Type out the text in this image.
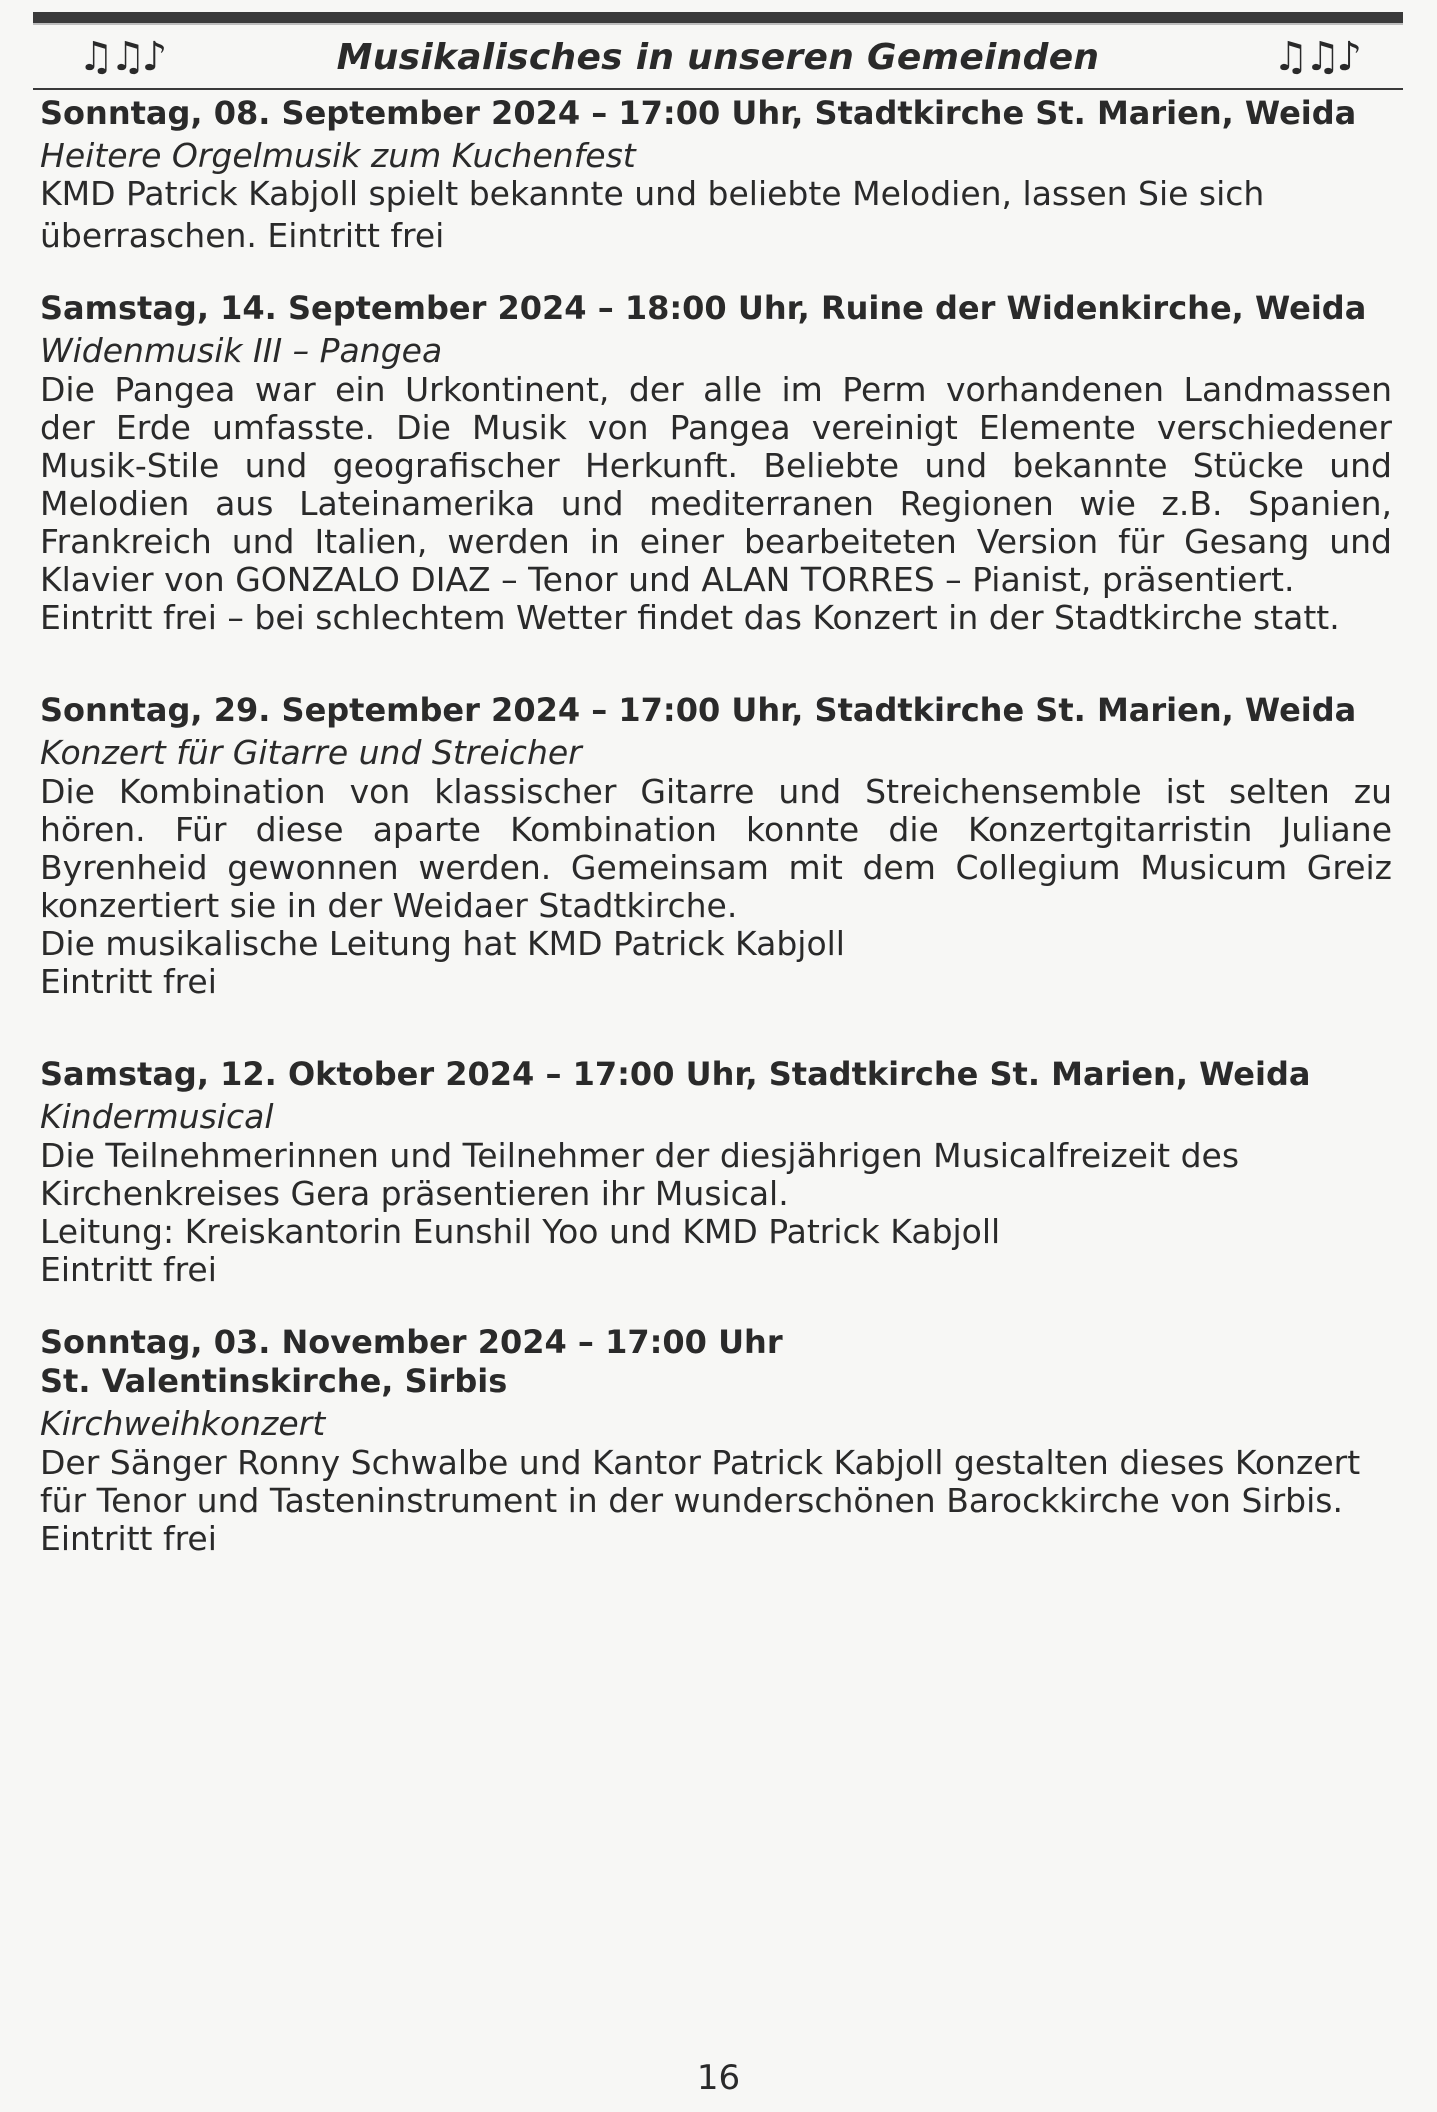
♫♫♪	Musikalisches in unseren Gemeinden	♫♫♪

Sonntag, 08. September 2024 – 17:00 Uhr, Stadtkirche St. Marien, Weida

Heitere Orgelmusik zum Kuchenfest

KMD Patrick Kabjoll spielt bekannte und beliebte Melodien, lassen Sie sich

überraschen. Eintritt frei

Samstag, 14. September 2024 – 18:00 Uhr, Ruine der Widenkirche, Weida

Widenmusik III – Pangea

Die Pangea war ein Urkontinent, der alle im Perm vorhandenen Landmassen

der Erde umfasste. Die Musik von Pangea vereinigt Elemente verschiedener

Musik-Stile und geografischer Herkunft. Beliebte und bekannte Stücke und

Melodien aus Lateinamerika und mediterranen Regionen wie z.B. Spanien,

Frankreich und Italien, werden in einer bearbeiteten Version für Gesang und

Klavier von GONZALO DIAZ – Tenor und ALAN TORRES – Pianist, präsentiert.

Eintritt frei – bei schlechtem Wetter findet das Konzert in der Stadtkirche statt.

Sonntag, 29. September 2024 – 17:00 Uhr, Stadtkirche St. Marien, Weida

Konzert für Gitarre und Streicher

Die Kombination von klassischer Gitarre und Streichensemble ist selten zu

hören. Für diese aparte Kombination konnte die Konzertgitarristin Juliane

Byrenheid gewonnen werden. Gemeinsam mit dem Collegium Musicum Greiz

konzertiert sie in der Weidaer Stadtkirche.

Die musikalische Leitung hat KMD Patrick Kabjoll

Eintritt frei

Samstag, 12. Oktober 2024 – 17:00 Uhr, Stadtkirche St. Marien, Weida

Kindermusical

Die Teilnehmerinnen und Teilnehmer der diesjährigen Musicalfreizeit des

Kirchenkreises Gera präsentieren ihr Musical.

Leitung: Kreiskantorin Eunshil Yoo und KMD Patrick Kabjoll

Eintritt frei

Sonntag, 03. November 2024 – 17:00 Uhr

St. Valentinskirche, Sirbis

Kirchweihkonzert

Der Sänger Ronny Schwalbe und Kantor Patrick Kabjoll gestalten dieses Konzert

für Tenor und Tasteninstrument in der wunderschönen Barockkirche von Sirbis.

Eintritt frei

16
